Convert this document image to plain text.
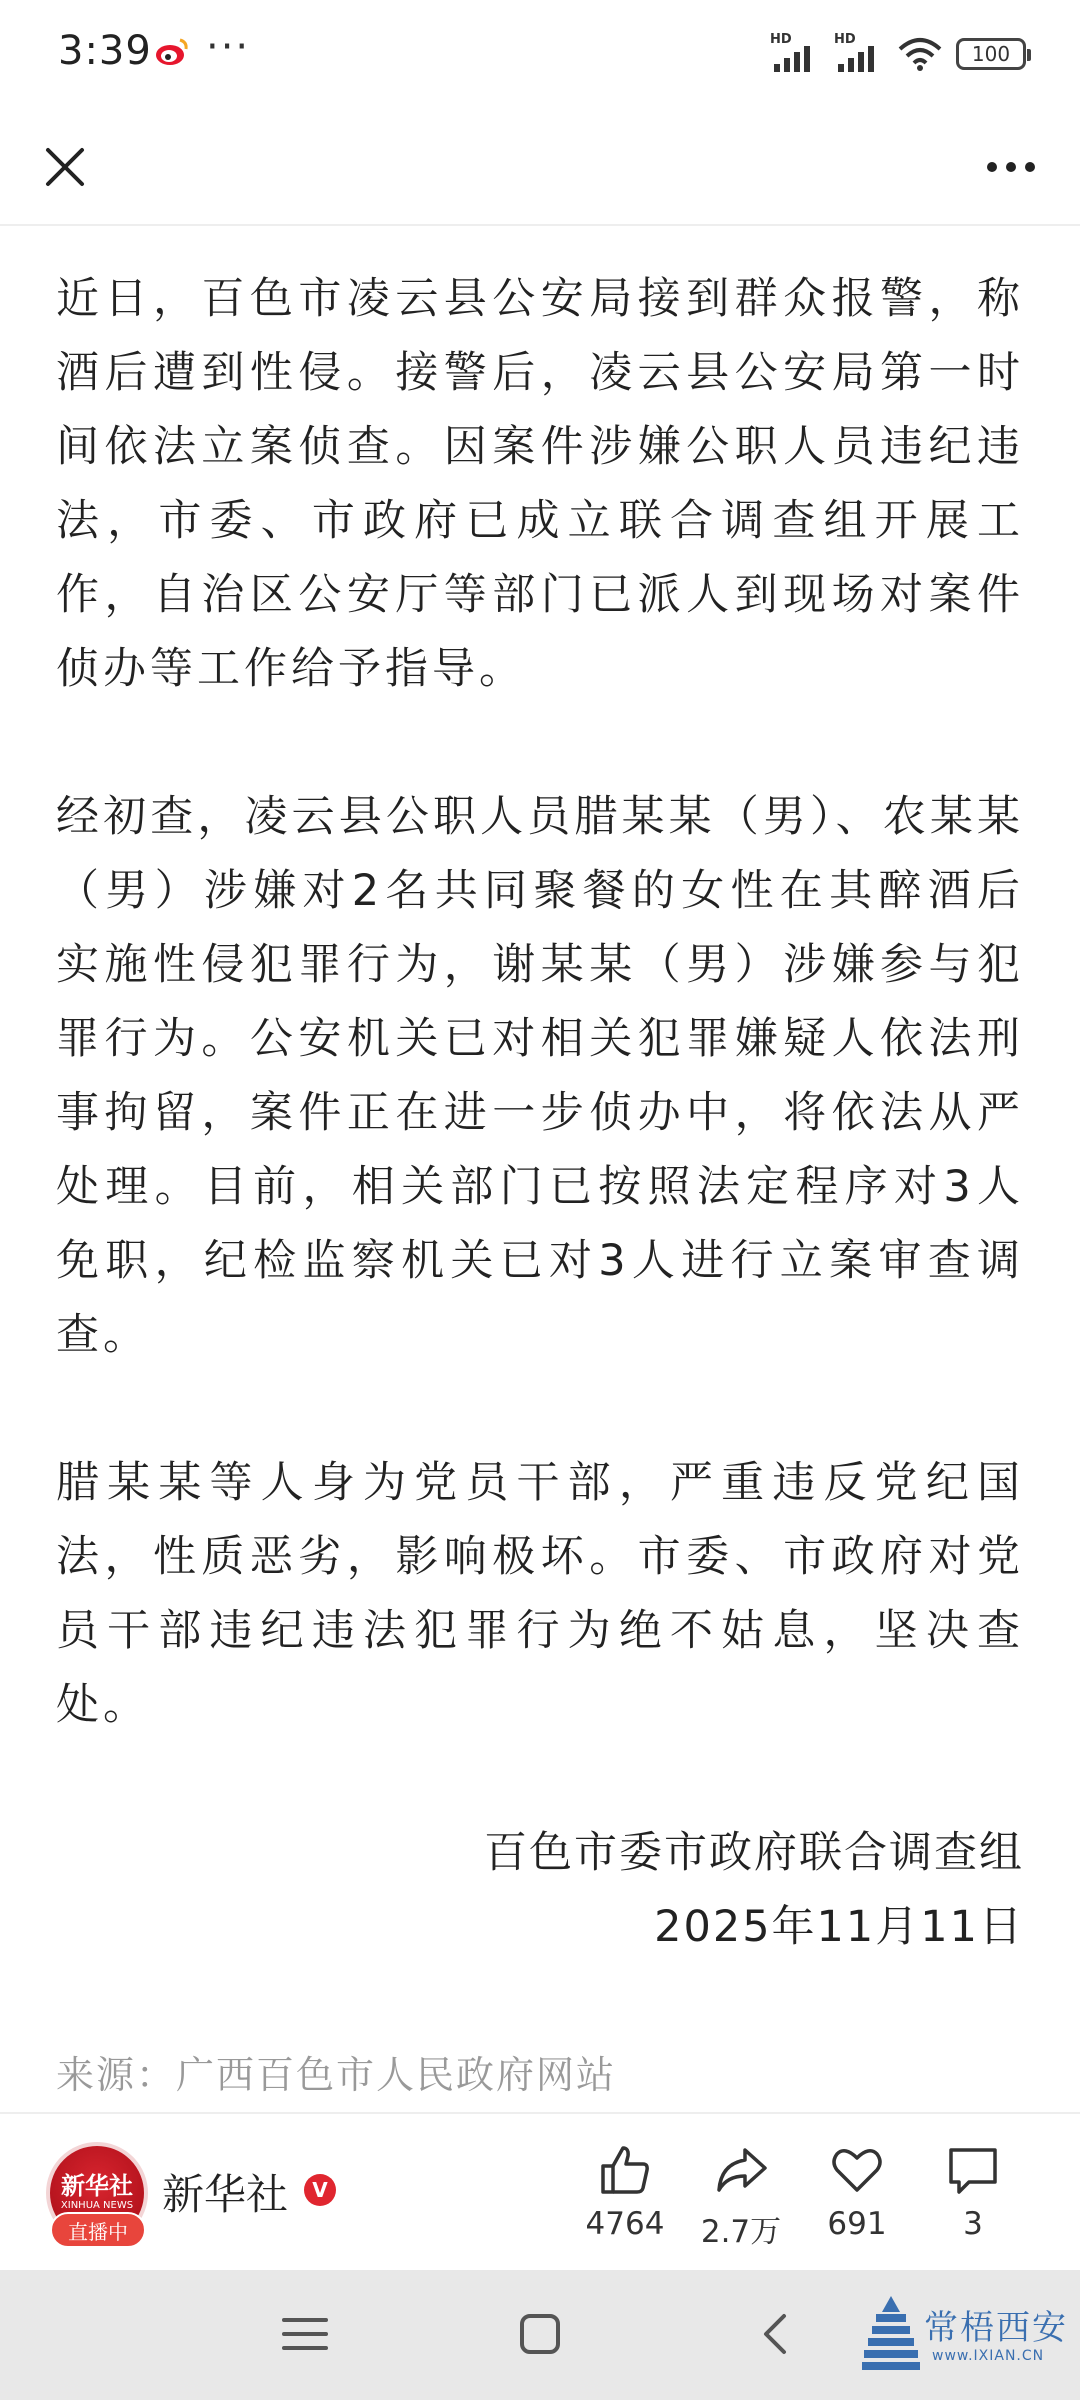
3:39 ···	HD	HD
100

近日，百色市凌云县公安局接到群众报警，称酒后遭到性侵。接警后，凌云县公安局第一时间依法立案侦查。因案件涉嫌公职人员违纪违法，市委、市政府已成立联合调查组开展工作，自治区公安厅等部门已派人到现场对案件侦办等工作给予指导。

经初查，凌云县公职人员腊某某（男）、农某某（男）涉嫌对2名共同聚餐的女性在其醉酒后实施性侵犯罪行为，谢某某（男）涉嫌参与犯罪行为。公安机关已对相关犯罪嫌疑人依法刑事拘留，案件正在进一步侦办中，将依法从严处理。目前，相关部门已按照法定程序对3人免职，纪检监察机关已对3人进行立案审查调查。

腊某某等人身为党员干部，严重违反党纪国法，性质恶劣，影响极坏。市委、市政府对党员干部违纪违法犯罪行为绝不姑息，坚决查处。

百色市委市政府联合调查组
2025年11月11日
来源：广西百色市人民政府网站
新华社
XINHUA NEWS
直播中
新华社	V
4764	2.7万	691	3
常梧西安
www.IXIAN.CN
